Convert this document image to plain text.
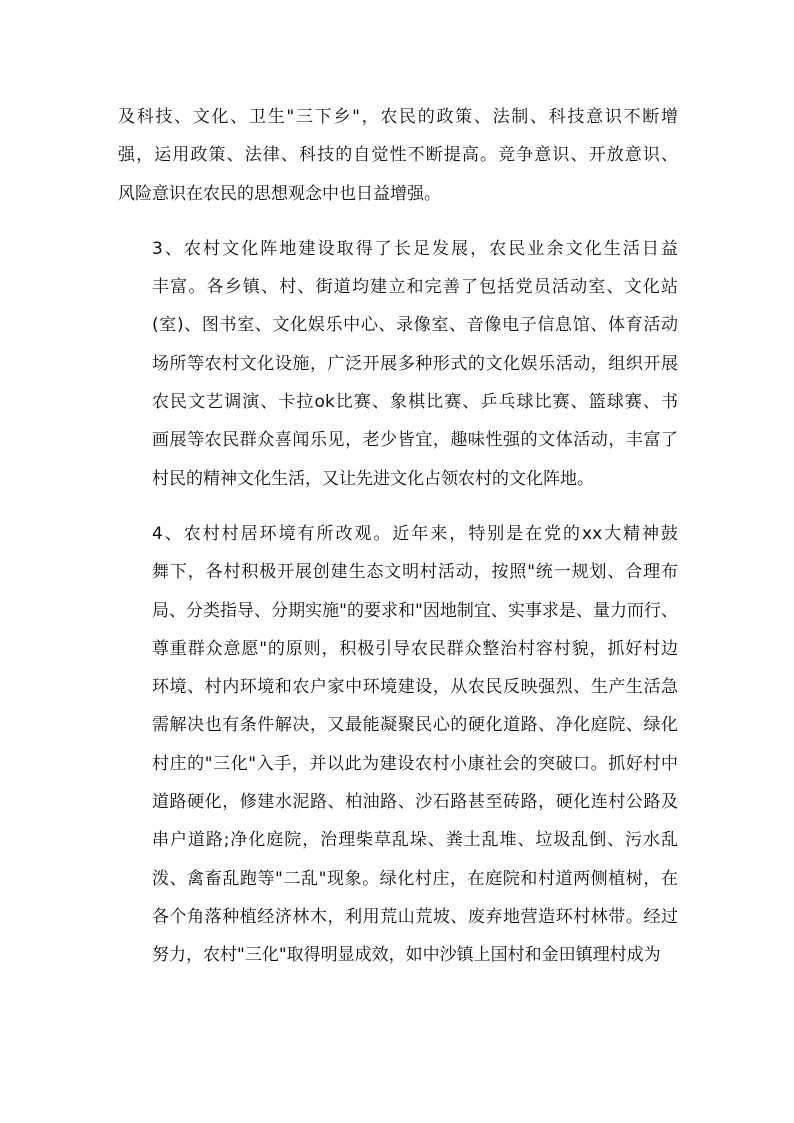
及科技、文化、卫生"三下乡"，农民的政策、法制、科技意识不断增
强，运用政策、法律、科技的自觉性不断提高。竞争意识、开放意识、
风险意识在农民的思想观念中也日益增强。
3、农村文化阵地建设取得了长足发展，农民业余文化生活日益
丰富。各乡镇、村、街道均建立和完善了包括党员活动室、文化站
(室)、图书室、文化娱乐中心、录像室、音像电子信息馆、体育活动
场所等农村文化设施，广泛开展多种形式的文化娱乐活动，组织开展
农民文艺调演、卡拉ok比赛、象棋比赛、乒乓球比赛、篮球赛、书
画展等农民群众喜闻乐见，老少皆宜，趣味性强的文体活动，丰富了
村民的精神文化生活，又让先进文化占领农村的文化阵地。
4、农村村居环境有所改观。近年来，特别是在党的xx大精神鼓
舞下，各村积极开展创建生态文明村活动，按照"统一规划、合理布
局、分类指导、分期实施"的要求和"因地制宜、实事求是、量力而行、
尊重群众意愿"的原则，积极引导农民群众整治村容村貌，抓好村边
环境、村内环境和农户家中环境建设，从农民反映强烈、生产生活急
需解决也有条件解决，又最能凝聚民心的硬化道路、净化庭院、绿化
村庄的"三化"入手，并以此为建设农村小康社会的突破口。抓好村中
道路硬化，修建水泥路、柏油路、沙石路甚至砖路，硬化连村公路及
串户道路;净化庭院，治理柴草乱垛、粪土乱堆、垃圾乱倒、污水乱
泼、禽畜乱跑等"二乱"现象。绿化村庄，在庭院和村道两侧植树，在
各个角落种植经济林木，利用荒山荒坡、废弃地营造环村林带。经过
努力，农村"三化"取得明显成效，如中沙镇上国村和金田镇理村成为
